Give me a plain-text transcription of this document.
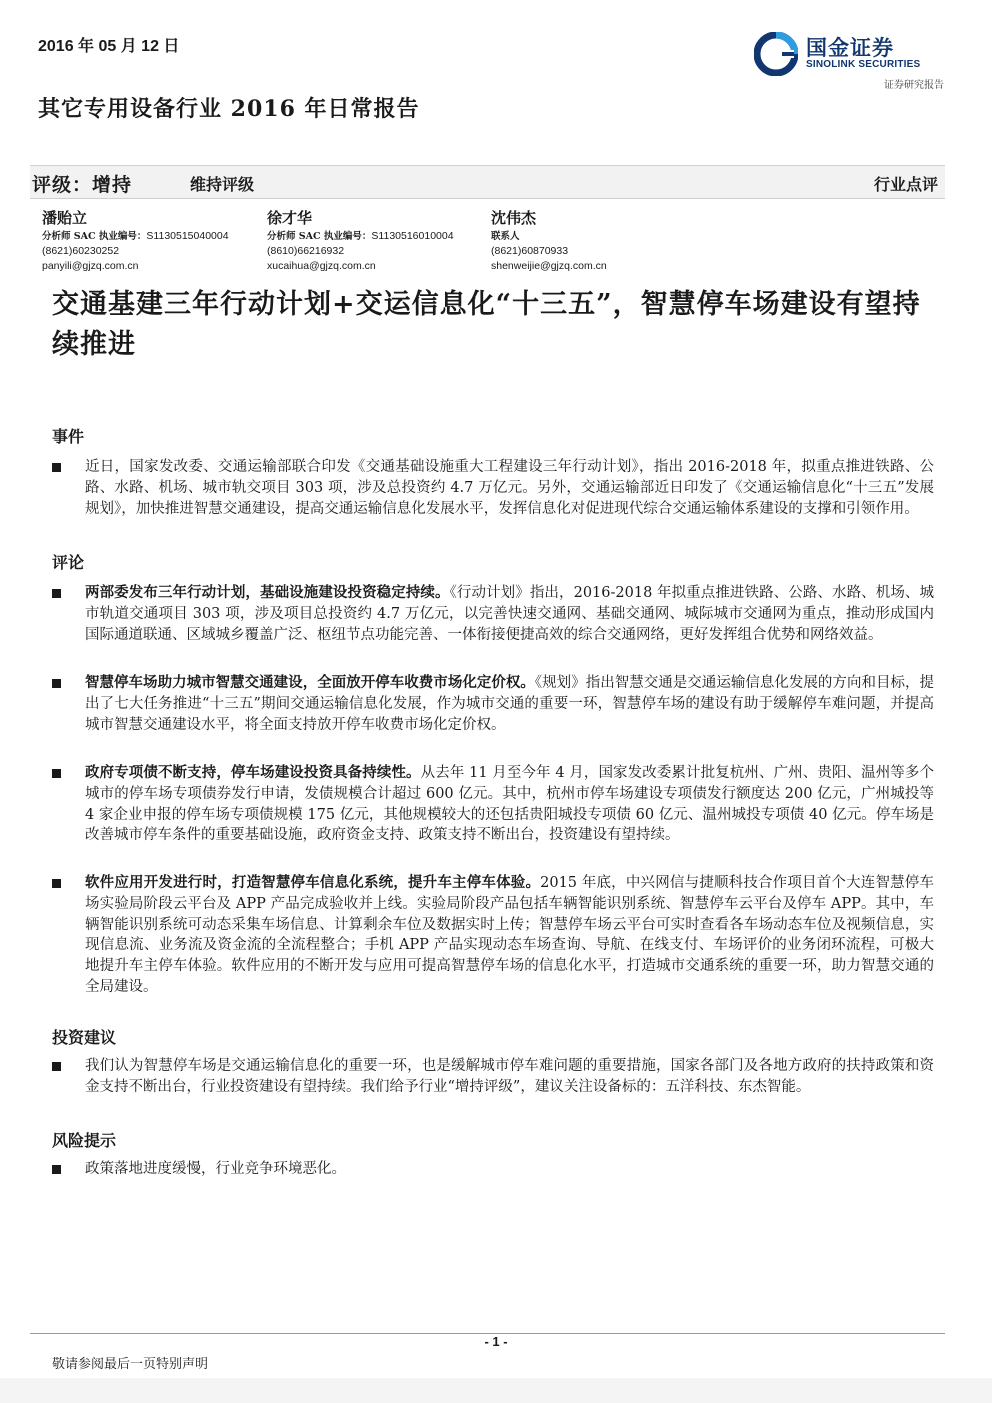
2016 年 05 月 12 日	国金证券
SINOLINK SECURITIES
证券研究报告
其它专用设备行业 2016 年日常报告
评级：增持	维持评级	行业点评
潘贻立
分析师 SAC 执业编号：S1130515040004
(8621)60230252
panyili@gjzq.com.cn
徐才华
分析师 SAC 执业编号：S1130516010004
(8610)66216932
xucaihua@gjzq.com.cn
沈伟杰
联系人
(8621)60870933
shenweijie@gjzq.com.cn
交通基建三年行动计划+交运信息化“十三五”，智慧停车场建设有望持续推进
事件
近日，国家发改委、交通运输部联合印发《交通基础设施重大工程建设三年行动计划》，指出 2016-2018 年，拟重点推进铁路、公路、水路、机场、城市轨交项目 303 项，涉及总投资约 4.7 万亿元。另外，交通运输部近日印发了《交通运输信息化“十三五”发展规划》，加快推进智慧交通建设，提高交通运输信息化发展水平，发挥信息化对促进现代综合交通运输体系建设的支撑和引领作用。
评论
两部委发布三年行动计划，基础设施建设投资稳定持续。《行动计划》指出，2016-2018 年拟重点推进铁路、公路、水路、机场、城市轨道交通项目 303 项，涉及项目总投资约 4.7 万亿元，以完善快速交通网、基础交通网、城际城市交通网为重点，推动形成国内国际通道联通、区域城乡覆盖广泛、枢纽节点功能完善、一体衔接便捷高效的综合交通网络，更好发挥组合优势和网络效益。
智慧停车场助力城市智慧交通建设，全面放开停车收费市场化定价权。《规划》指出智慧交通是交通运输信息化发展的方向和目标，提出了七大任务推进“十三五”期间交通运输信息化发展，作为城市交通的重要一环，智慧停车场的建设有助于缓解停车难问题，并提高城市智慧交通建设水平，将全面支持放开停车收费市场化定价权。
政府专项债不断支持，停车场建设投资具备持续性。从去年 11 月至今年 4 月，国家发改委累计批复杭州、广州、贵阳、温州等多个城市的停车场专项债券发行申请，发债规模合计超过 600 亿元。其中，杭州市停车场建设专项债发行额度达 200 亿元，广州城投等 4 家企业申报的停车场专项债规模 175 亿元，其他规模较大的还包括贵阳城投专项债 60 亿元、温州城投专项债 40 亿元。停车场是改善城市停车条件的重要基础设施，政府资金支持、政策支持不断出台，投资建设有望持续。
软件应用开发进行时，打造智慧停车信息化系统，提升车主停车体验。2015 年底，中兴网信与捷顺科技合作项目首个大连智慧停车场实验局阶段云平台及 APP 产品完成验收并上线。实验局阶段产品包括车辆智能识别系统、智慧停车云平台及停车 APP。其中，车辆智能识别系统可动态采集车场信息、计算剩余车位及数据实时上传；智慧停车场云平台可实时查看各车场动态车位及视频信息，实现信息流、业务流及资金流的全流程整合；手机 APP 产品实现动态车场查询、导航、在线支付、车场评价的业务闭环流程，可极大地提升车主停车体验。软件应用的不断开发与应用可提高智慧停车场的信息化水平，打造城市交通系统的重要一环，助力智慧交通的全局建设。
投资建议
我们认为智慧停车场是交通运输信息化的重要一环，也是缓解城市停车难问题的重要措施，国家各部门及各地方政府的扶持政策和资金支持不断出台，行业投资建设有望持续。我们给予行业“增持评级”，建议关注设备标的：五洋科技、东杰智能。
风险提示
政策落地进度缓慢，行业竞争环境恶化。
- 1 -
敬请参阅最后一页特别声明
